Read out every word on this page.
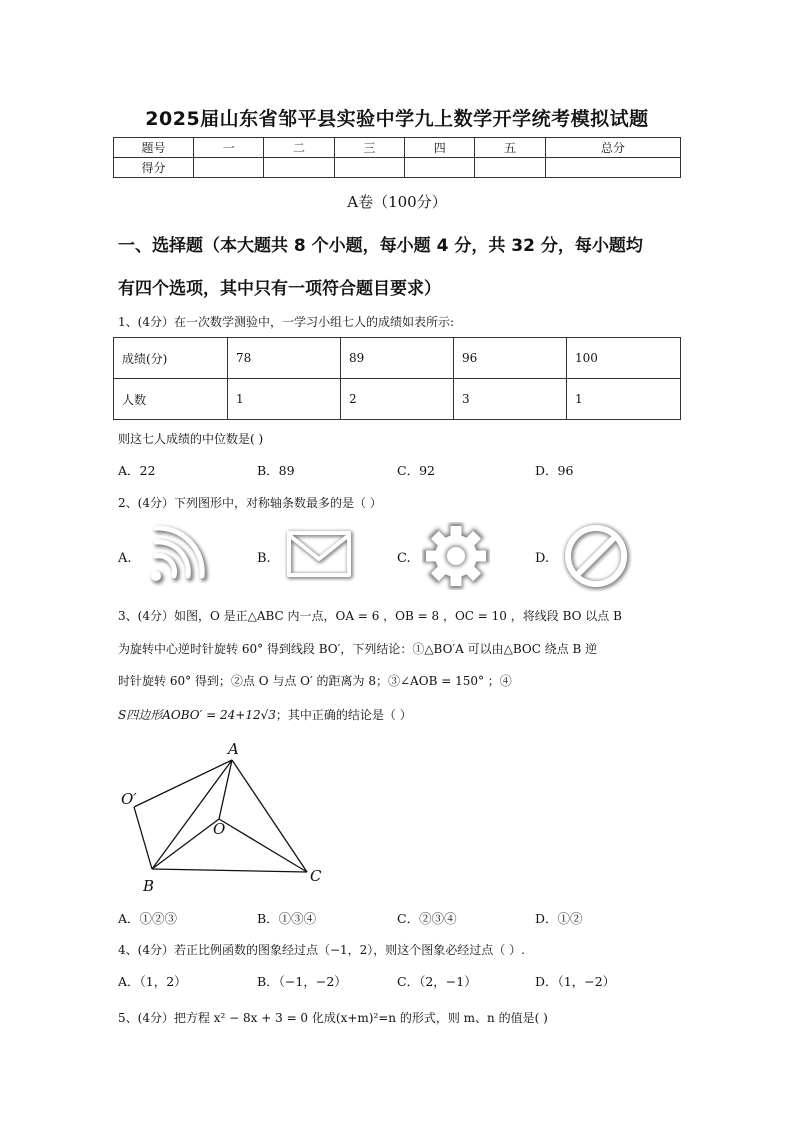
2025届山东省邹平县实验中学九上数学开学统考模拟试题
题号	一	二	三	四	五	总分
得分						
A卷（100分）
一、选择题（本大题共 8 个小题，每小题 4 分，共 32 分，每小题均
有四个选项，其中只有一项符合题目要求）
1、(4分）在一次数学测验中，一学习小组七人的成绩如表所示:
成绩(分)	78	89	96	100
人数	1	2	3	1
则这七人成绩的中位数是( )
A．22	B．89	C．92	D．96
2、(4分）下列图形中，对称轴条数最多的是（ ）
A.	B.	C.	D.
3、(4分）如图，O 是正△ABC 内一点，OA = 6 ，OB = 8 ，OC = 10 ，将线段 BO 以点 B
为旋转中心逆时针旋转 60° 得到线段 BO′，下列结论：①△BO′A 可以由△BOC 绕点 B 逆
时针旋转 60° 得到；②点 O 与点 O′ 的距离为 8；③∠AOB = 150° ；④
S四边形AOBO′ = 24+12√3；其中正确的结论是（ ）
A
B
C
O
O′
A．①②③	B．①③④	C．②③④	D．①②
4、(4分）若正比例函数的图象经过点（−1，2），则这个图象必经过点（ ）.
A．（1，2）	B．（−1，−2）	C．（2，−1）	D．（1，−2）
5、(4分）把方程 x² − 8x + 3 = 0 化成(x+m)²=n 的形式，则 m、n 的值是( )
